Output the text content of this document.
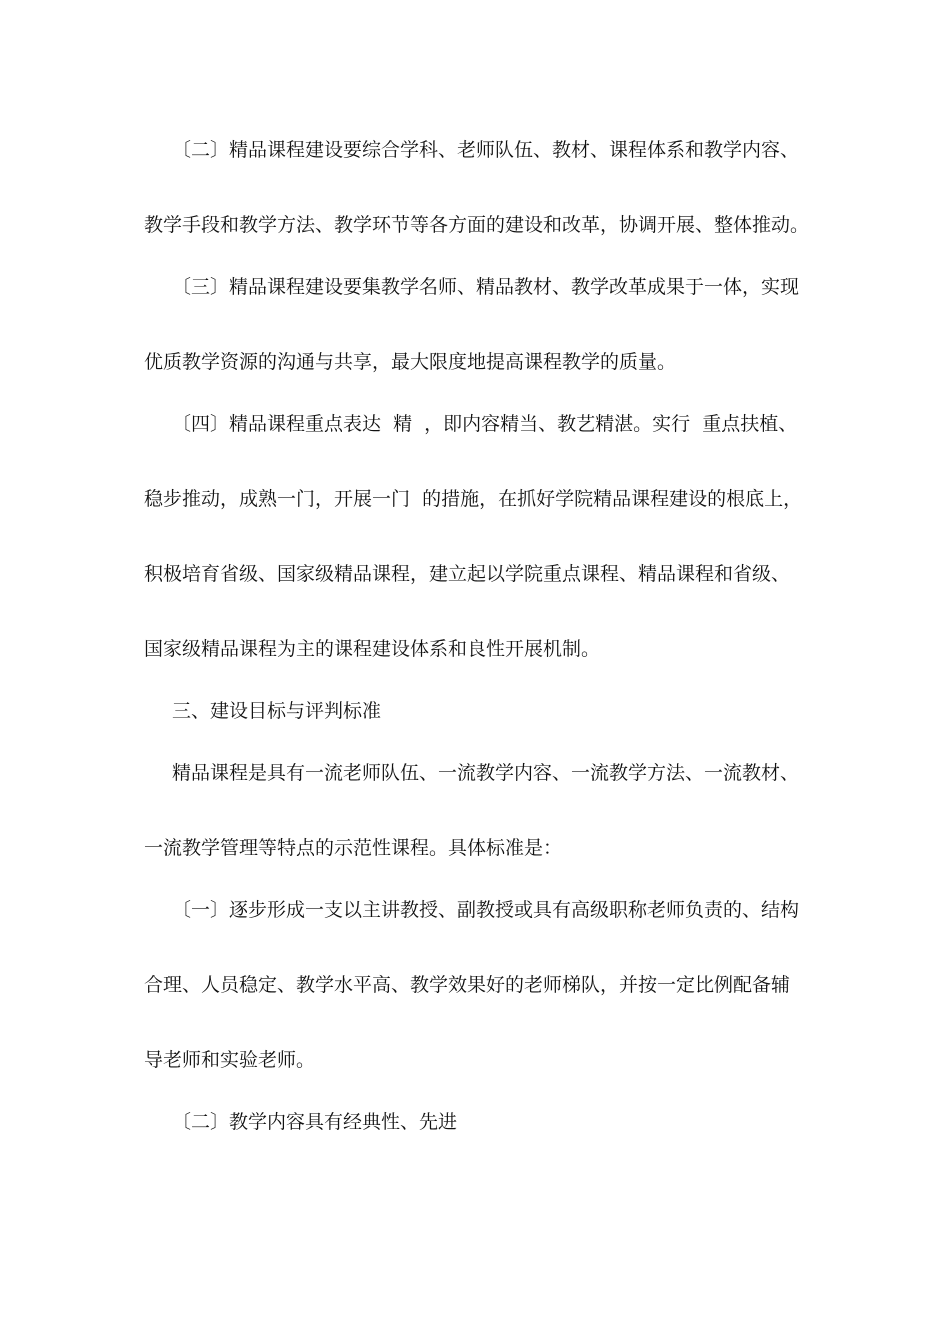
〔二〕精品课程建设要综合学科、老师队伍、教材、课程体系和教学内容、
教学手段和教学方法、教学环节等各方面的建设和改革，协调开展、整体推动。
〔三〕精品课程建设要集教学名师、精品教材、教学改革成果于一体，实现
优质教学资源的沟通与共享，最大限度地提高课程教学的质量。
〔四〕精品课程重点表达  精  ，即内容精当、教艺精湛。实行  重点扶植、
稳步推动，成熟一门，开展一门  的措施，在抓好学院精品课程建设的根底上，
积极培育省级、国家级精品课程，建立起以学院重点课程、精品课程和省级、
国家级精品课程为主的课程建设体系和良性开展机制。
三、建设目标与评判标准
精品课程是具有一流老师队伍、一流教学内容、一流教学方法、一流教材、
一流教学管理等特点的示范性课程。具体标准是：
〔一〕逐步形成一支以主讲教授、副教授或具有高级职称老师负责的、结构
合理、人员稳定、教学水平高、教学效果好的老师梯队，并按一定比例配备辅
导老师和实验老师。
〔二〕教学内容具有经典性、先进
